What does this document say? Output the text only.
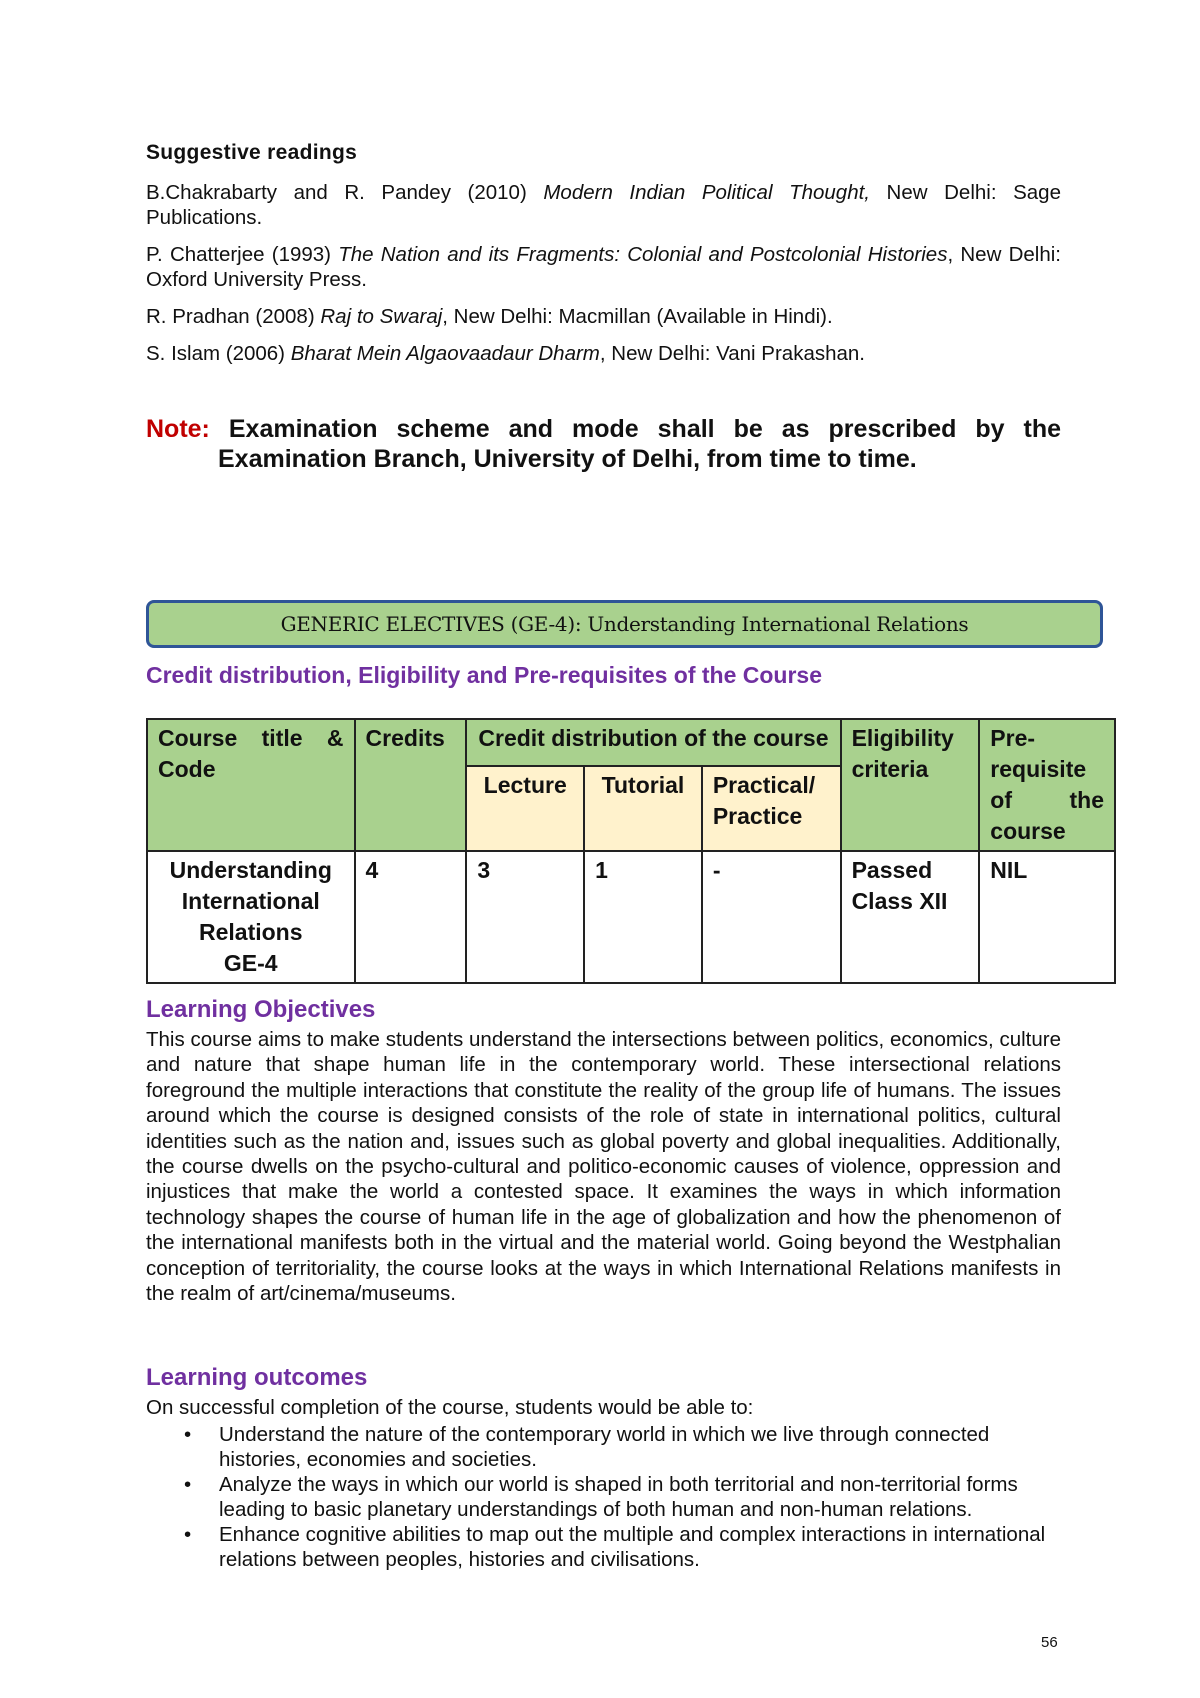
Suggestive readings

B.Chakrabarty and R. Pandey (2010) Modern Indian Political Thought, New Delhi: Sage Publications.

P. Chatterjee (1993) The Nation and its Fragments: Colonial and Postcolonial Histories, New Delhi: Oxford University Press.

R. Pradhan (2008) Raj to Swaraj, New Delhi: Macmillan (Available in Hindi).

S. Islam (2006) Bharat Mein Algaovaadaur Dharm, New Delhi: Vani Prakashan.

Note: Examination scheme and mode shall be as prescribed by the

Examination Branch, University of Delhi, from time to time.

GENERIC ELECTIVES (GE-4): Understanding International Relations
Credit distribution, Eligibility and Pre-requisites of the Course
Course title & Code	Credits	Credit distribution of the course			Eligibility criteria	Pre-requisite of the course

		Lecture	Tutorial	Practical/ Practice		

Understanding International Relations
GE-4	4	3	1	-	Passed Class XII	NIL
Learning Objectives

This course aims to make students understand the intersections between politics, economics, culture and nature that shape human life in the contemporary world. These intersectional relations foreground the multiple interactions that constitute the reality of the group life of humans. The issues around which the course is designed consists of the role of state in international politics, cultural identities such as the nation and, issues such as global poverty and global inequalities. Additionally, the course dwells on the psycho-cultural and politico-economic causes of violence, oppression and injustices that make the world a contested space. It examines the ways in which information technology shapes the course of human life in the age of globalization and how the phenomenon of the international manifests both in the virtual and the material world. Going beyond the Westphalian conception of territoriality, the course looks at the ways in which International Relations manifests in the realm of art/cinema/museums.

Learning outcomes

On successful completion of the course, students would be able to:

• Understand the nature of the contemporary world in which we live through connected histories, economies and societies.
• Analyze the ways in which our world is shaped in both territorial and non-territorial forms leading to basic planetary understandings of both human and non-human relations.
• Enhance cognitive abilities to map out the multiple and complex interactions in international relations between peoples, histories and civilisations.
56
